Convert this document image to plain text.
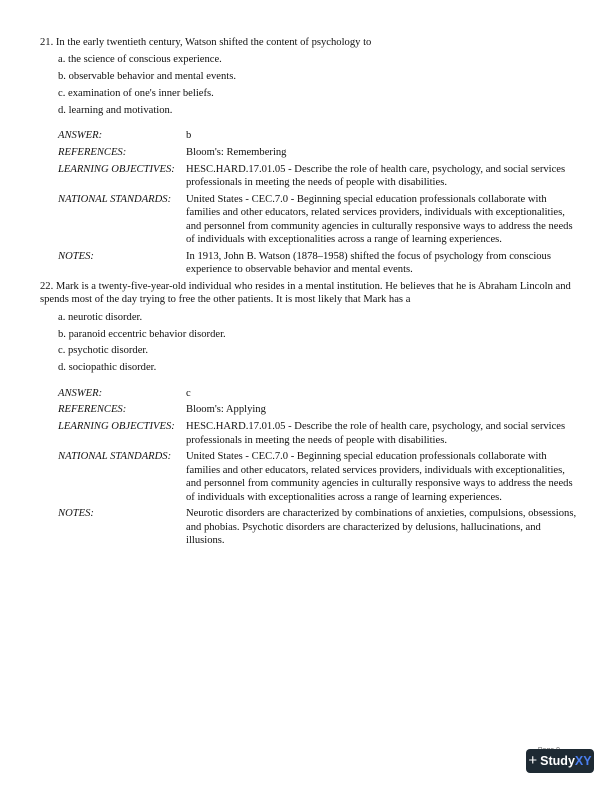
21. In the early twentieth century, Watson shifted the content of psychology to

a. the science of conscious experience.
b. observable behavior and mental events.
c. examination of one's inner beliefs.
d. learning and motivation.
ANSWER:	b
REFERENCES:	Bloom's: Remembering
LEARNING OBJECTIVES:	HESC.HARD.17.01.05 - Describe the role of health care, psychology, and social services professionals in meeting the needs of people with disabilities.
NATIONAL STANDARDS:	United States - CEC.7.0 - Beginning special education professionals collaborate with families and other educators, related services providers, individuals with exceptionalities, and personnel from community agencies in culturally responsive ways to address the needs of individuals with exceptionalities across a range of learning experiences.
NOTES:	In 1913, John B. Watson (1878–1958) shifted the focus of psychology from conscious experience to observable behavior and mental events.

22. Mark is a twenty-five-year-old individual who resides in a mental institution. He believes that he is Abraham Lincoln and spends most of the day trying to free the other patients. It is most likely that Mark has a

a. neurotic disorder.
b. paranoid eccentric behavior disorder.
c. psychotic disorder.
d. sociopathic disorder.
ANSWER:	c
REFERENCES:	Bloom's: Applying
LEARNING OBJECTIVES:	HESC.HARD.17.01.05 - Describe the role of health care, psychology, and social services professionals in meeting the needs of people with disabilities.
NATIONAL STANDARDS:	United States - CEC.7.0 - Beginning special education professionals collaborate with families and other educators, related services providers, individuals with exceptionalities, and personnel from community agencies in culturally responsive ways to address the needs of individuals with exceptionalities across a range of learning experiences.
NOTES:	Neurotic disorders are characterized by combinations of anxieties, compulsions, obsessions, and phobias. Psychotic disorders are characterized by delusions, hallucinations, and illusions.
+ StudyXY
